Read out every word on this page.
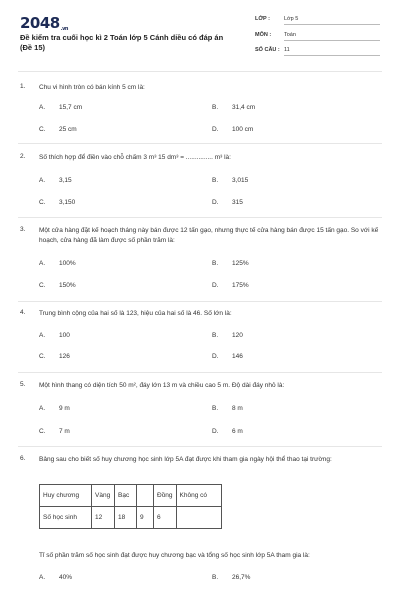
2048.vn
Đề kiểm tra cuối học kì 2 Toán lớp 5 Cánh diều có đáp án (Đề 15)
LỚP :	Lớp 5
MÔN : Toán
SỐ CÂU : 11
1. Chu vi hình tròn có bán kính 5 cm là:
A. 15,7 cm	B. 31,4 cm
C. 25 cm	D. 100 cm
2. Số thích hợp để điền vào chỗ chấm 3 m³ 15 dm³ = ............... m³ là:
A. 3,15	B. 3,015
C. 3,150	D. 315
3. Một cửa hàng đặt kế hoạch tháng này bán được 12 tấn gạo, nhưng thực tế cửa hàng bán được 15 tấn gạo. So với kế hoạch, cửa hàng đã làm được số phần trăm là:
A. 100%	B. 125%
C. 150%	D. 175%
4. Trung bình cộng của hai số là 123, hiệu của hai số là 46. Số lớn là:
A. 100	B. 120
C. 126	D. 146
5. Một hình thang có diện tích 50 m², đáy lớn 13 m và chiều cao 5 m. Độ dài đáy nhỏ là:
A. 9 m	B. 8 m
C. 7 m	D. 6 m
6. Bảng sau cho biết số huy chương học sinh lớp 5A đạt được khi tham gia ngày hội thể thao tại trường:
Huy chương	Vàng	Bạc		Đồng	Không có
Số học sinh	12	18	9	6	
Tỉ số phần trăm số học sinh đạt được huy chương bạc và tổng số học sinh lớp 5A tham gia là:
A. 40%	B. 26,7%
